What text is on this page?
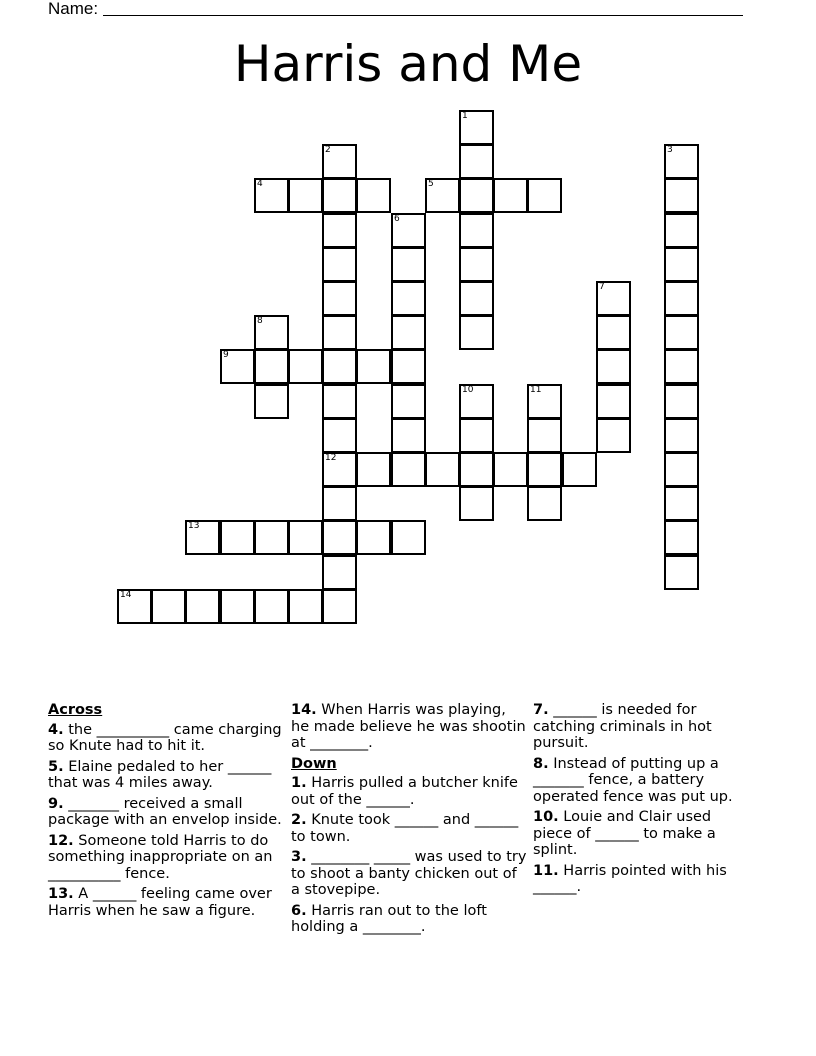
Name:
Harris and Me
1
2	3
4	5
6
7
8
9
10	11
12
13
14
Across
4. the __________ came charging so Knute had to hit it.
5. Elaine pedaled to her ______ that was 4 miles away.
9. _______ received a small package with an envelop inside.
12. Someone told Harris to do something inappropriate on an __________ fence.
13. A ______ feeling came over Harris when he saw a figure.
14. When Harris was playing, he made believe he was shootin at ________.
Down
1. Harris pulled a butcher knife out of the ______.
2. Knute took ______ and ______ to town.
3. ________ _____ was used to try to shoot a banty chicken out of a stovepipe.
6. Harris ran out to the loft holding a ________.
7. ______ is needed for catching criminals in hot pursuit.
8. Instead of putting up a _______ fence, a battery operated fence was put up.
10. Louie and Clair used piece of ______ to make a splint.
11. Harris pointed with his ______.
